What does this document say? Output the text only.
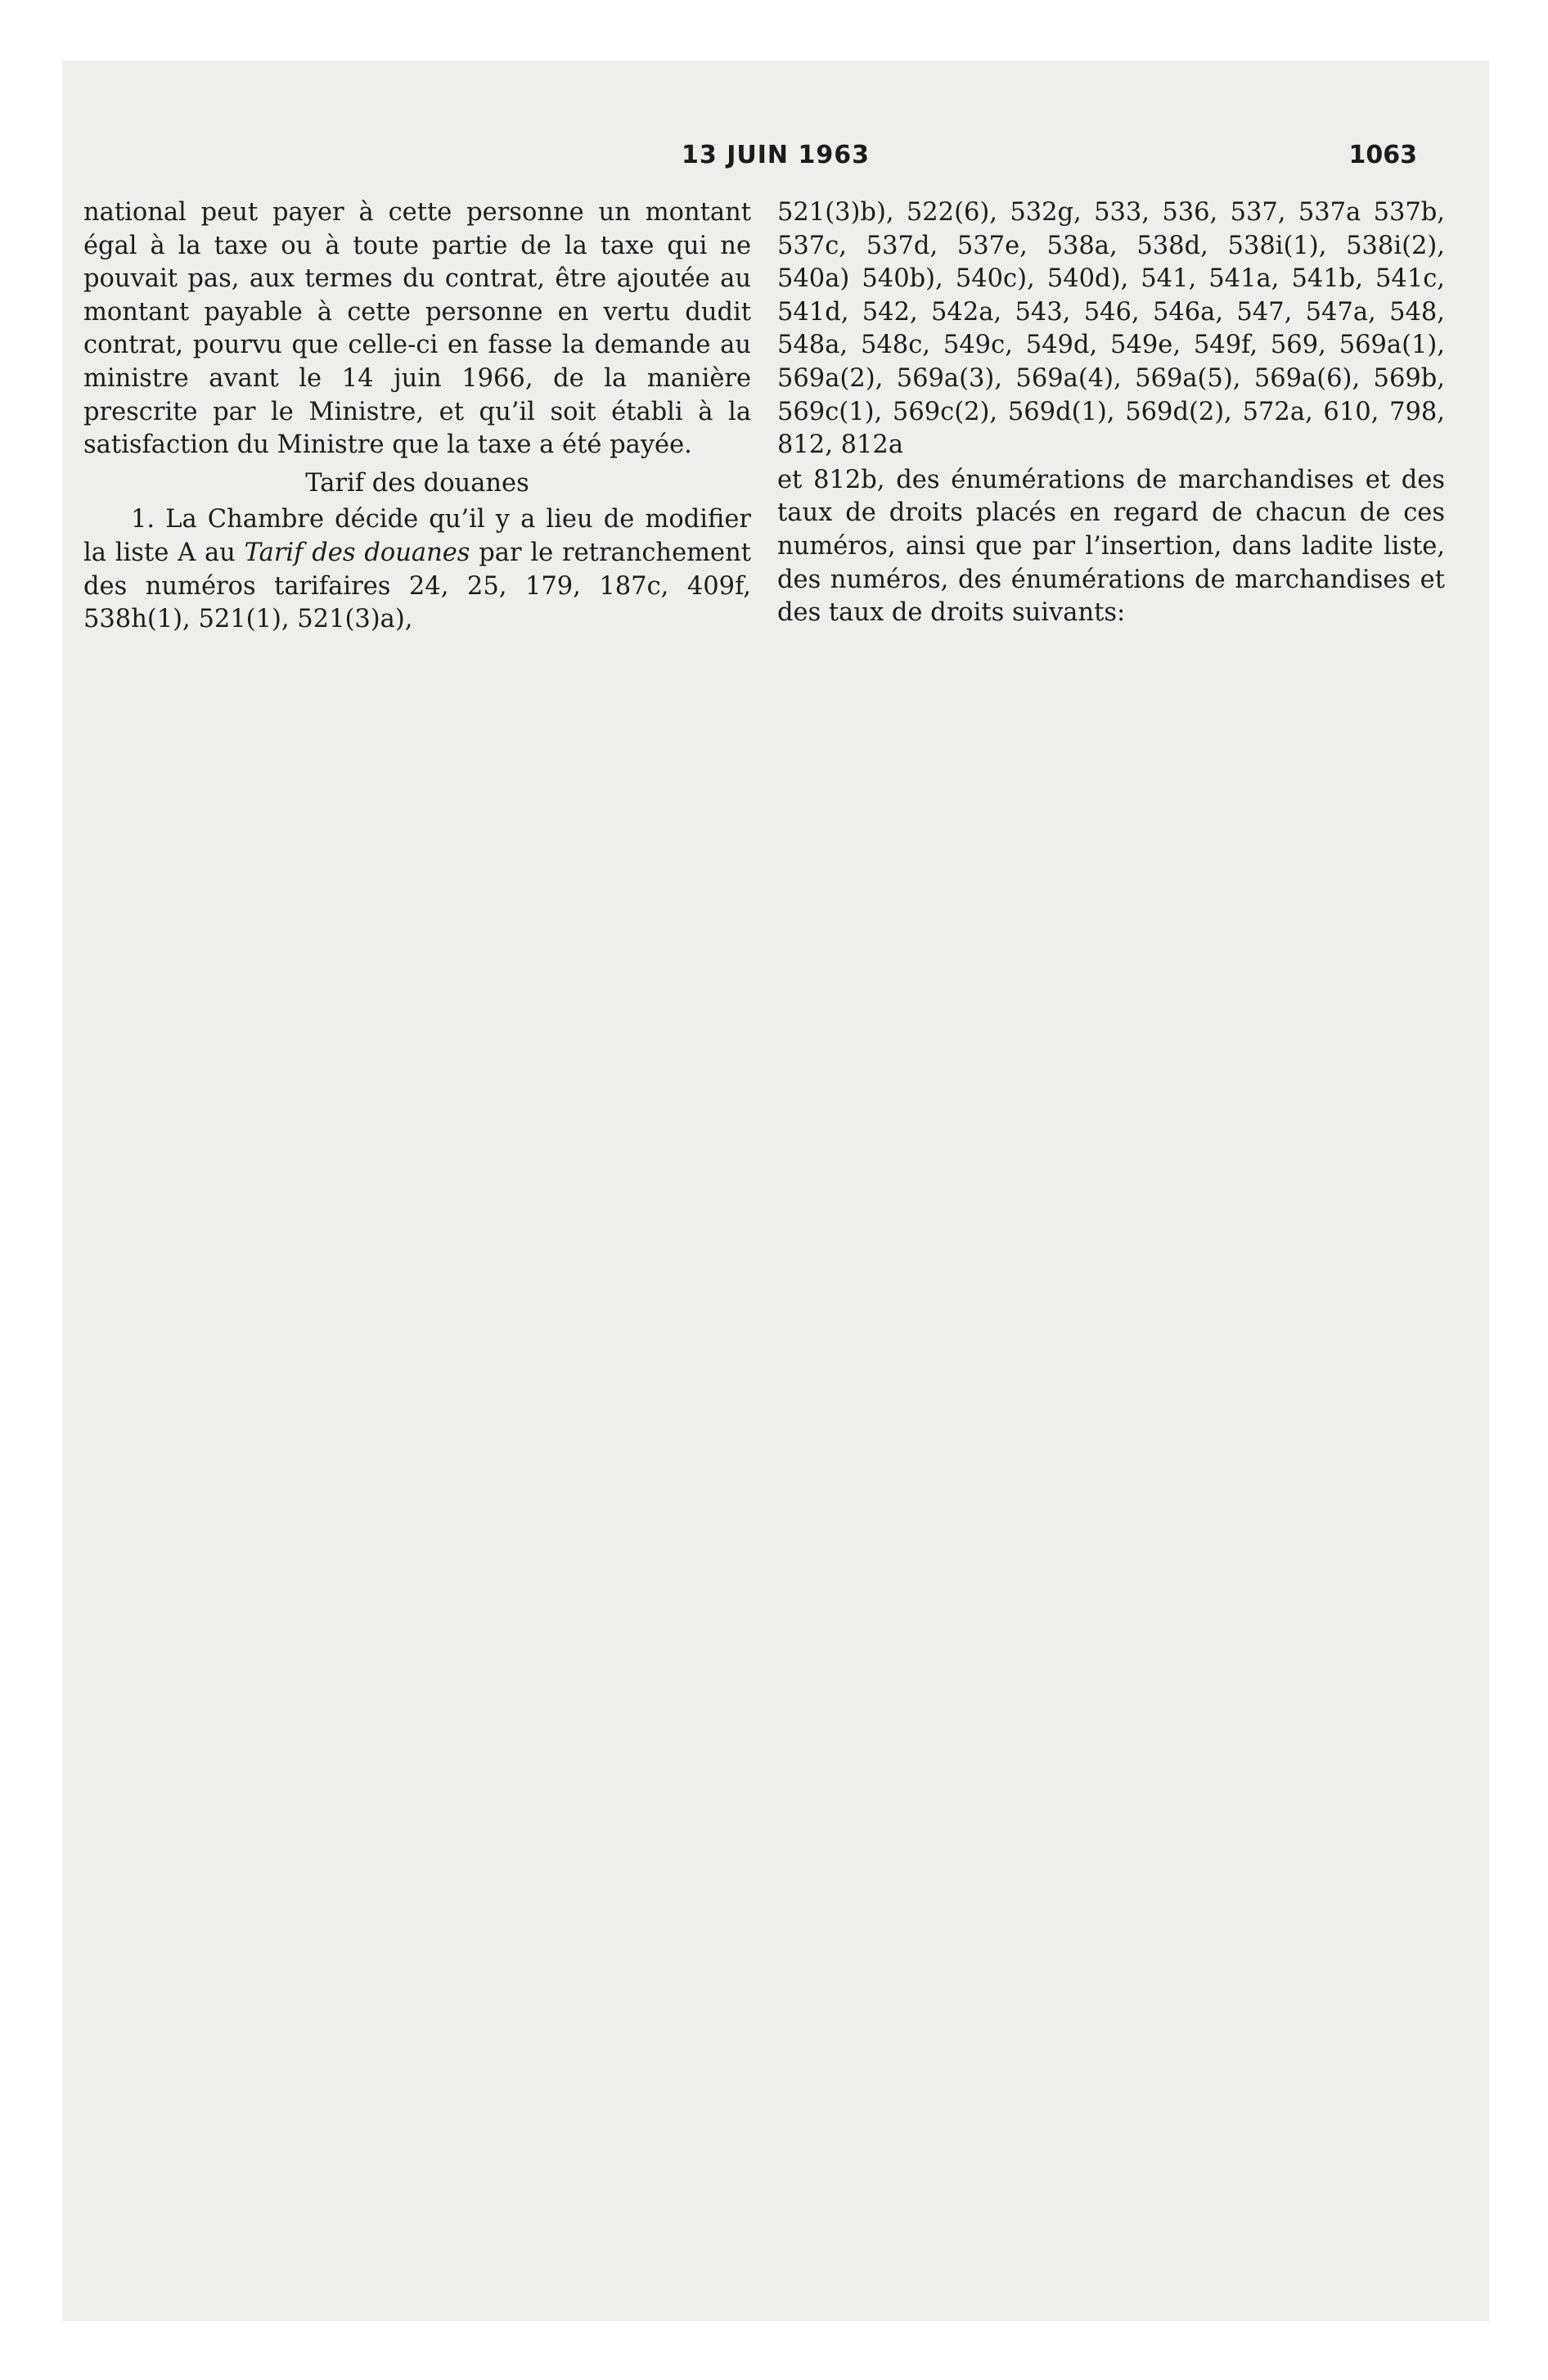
13 JUIN 1963	1063

national peut payer à cette personne un montant égal à la taxe ou à toute partie de la taxe qui ne pouvait pas, aux termes du contrat, être ajoutée au montant payable à cette personne en vertu dudit contrat, pourvu que celle-ci en fasse la demande au ministre avant le 14 juin 1966, de la manière prescrite par le Ministre, et qu’il soit établi à la satisfaction du Ministre que la taxe a été payée.

Tarif des douanes

1. La Chambre décide qu’il y a lieu de modifier la liste A au Tarif des douanes par le retranchement des numéros tarifaires 24, 25, 179, 187c, 409f, 538h(1), 521(1), 521(3)a),

521(3)b), 522(6), 532g, 533, 536, 537, 537a 537b, 537c, 537d, 537e, 538a, 538d, 538i(1), 538i(2), 540a) 540b), 540c), 540d), 541, 541a, 541b, 541c, 541d, 542, 542a, 543, 546, 546a, 547, 547a, 548, 548a, 548c, 549c, 549d, 549e, 549f, 569, 569a(1), 569a(2), 569a(3), 569a(4), 569a(5), 569a(6), 569b, 569c(1), 569c(2), 569d(1), 569d(2), 572a, 610, 798, 812, 812a

et 812b, des énumérations de marchandises et des taux de droits placés en regard de chacun de ces numéros, ainsi que par l’insertion, dans ladite liste, des numéros, des énumérations de marchandises et des taux de droits suivants:
